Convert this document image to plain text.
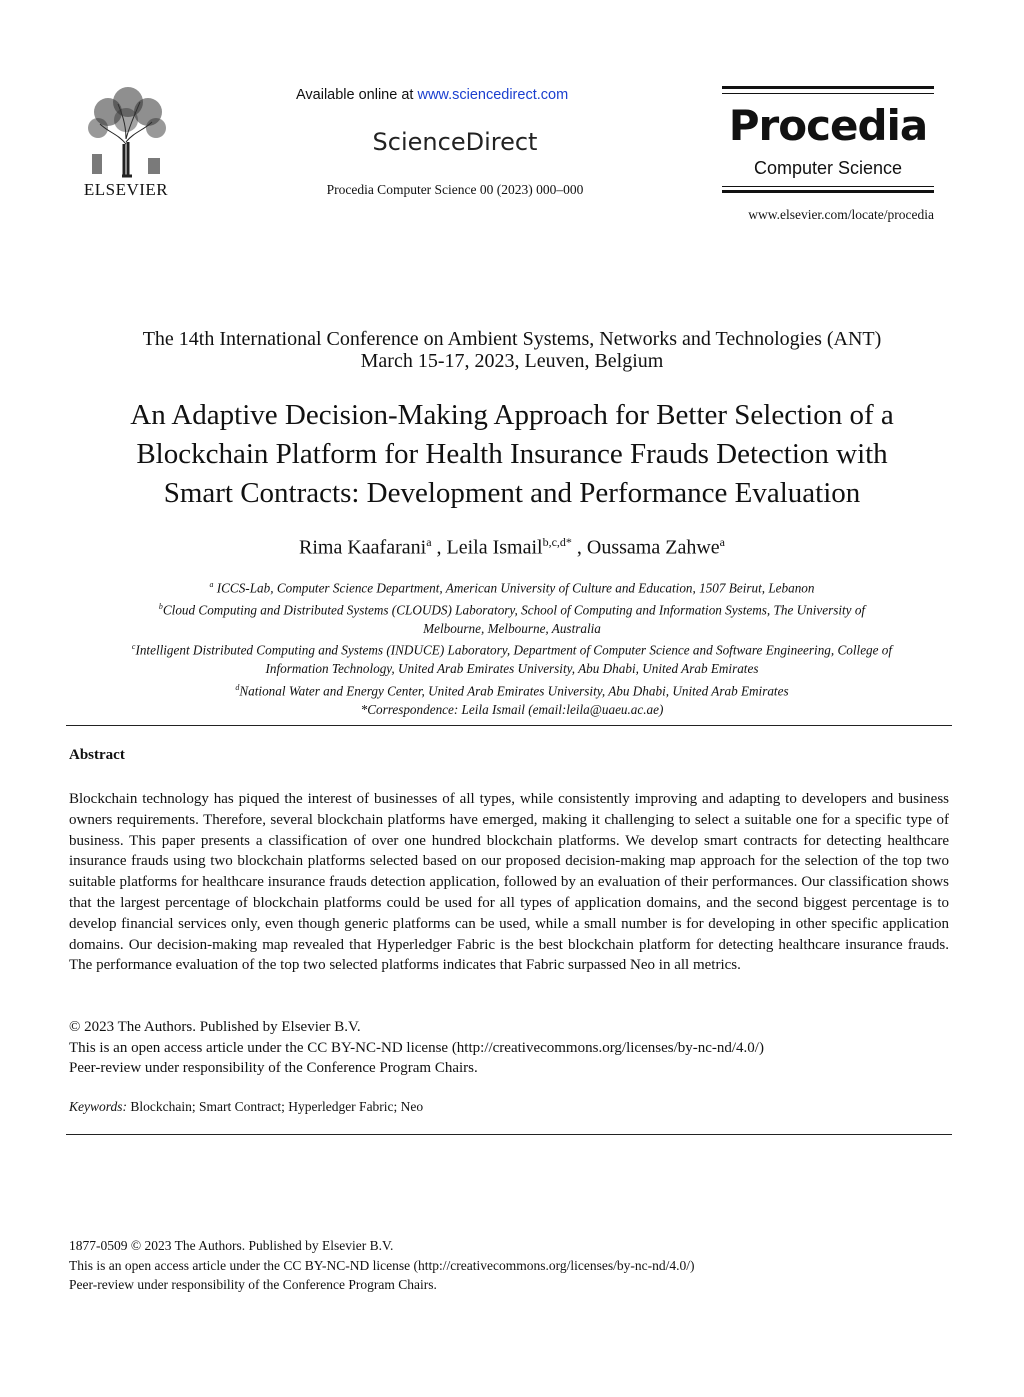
ELSEVIER
Available online at www.sciencedirect.com
ScienceDirect
Procedia Computer Science 00 (2023) 000–000
Procedia
Computer Science
www.elsevier.com/locate/procedia
The 14th International Conference on Ambient Systems, Networks and Technologies (ANT)
March 15-17, 2023, Leuven, Belgium
An Adaptive Decision-Making Approach for Better Selection of a
Blockchain Platform for Health Insurance Frauds Detection with
Smart Contracts: Development and Performance Evaluation
Rima Kaafarani$^a$ , Leila Ismail$^{b,c,d*}$ , Oussama Zahwe$^a$
$^a$ ICCS-Lab, Computer Science Department, American University of Culture and Education, 1507 Beirut, Lebanon
$^b$Cloud Computing and Distributed Systems (CLOUDS) Laboratory, School of Computing and Information Systems, The University of
Melbourne, Melbourne, Australia
$^c$Intelligent Distributed Computing and Systems (INDUCE) Laboratory, Department of Computer Science and Software Engineering, College of
Information Technology, United Arab Emirates University, Abu Dhabi, United Arab Emirates
$^d$National Water and Energy Center, United Arab Emirates University, Abu Dhabi, United Arab Emirates
*Correspondence: Leila Ismail (email:leila@uaeu.ac.ae)
Abstract
Blockchain technology has piqued the interest of businesses of all types, while consistently improving and adapting to developers and business owners requirements. Therefore, several blockchain platforms have emerged, making it challenging to select a suitable one for a specific type of business. This paper presents a classification of over one hundred blockchain platforms. We develop smart contracts for detecting healthcare insurance frauds using two blockchain platforms selected based on our proposed decision-making map approach for the selection of the top two suitable platforms for healthcare insurance frauds detection application, followed by an evaluation of their performances. Our classification shows that the largest percentage of blockchain platforms could be used for all types of application domains, and the second biggest percentage is to develop financial services only, even though generic platforms can be used, while a small number is for developing in other specific application domains. Our decision-making map revealed that Hyperledger Fabric is the best blockchain platform for detecting healthcare insurance frauds. The performance evaluation of the top two selected platforms indicates that Fabric surpassed Neo in all metrics.
© 2023 The Authors. Published by Elsevier B.V.
This is an open access article under the CC BY-NC-ND license (http://creativecommons.org/licenses/by-nc-nd/4.0/)
Peer-review under responsibility of the Conference Program Chairs.
Keywords: Blockchain; Smart Contract; Hyperledger Fabric; Neo
1877-0509 © 2023 The Authors. Published by Elsevier B.V.
This is an open access article under the CC BY-NC-ND license (http://creativecommons.org/licenses/by-nc-nd/4.0/)
Peer-review under responsibility of the Conference Program Chairs.
